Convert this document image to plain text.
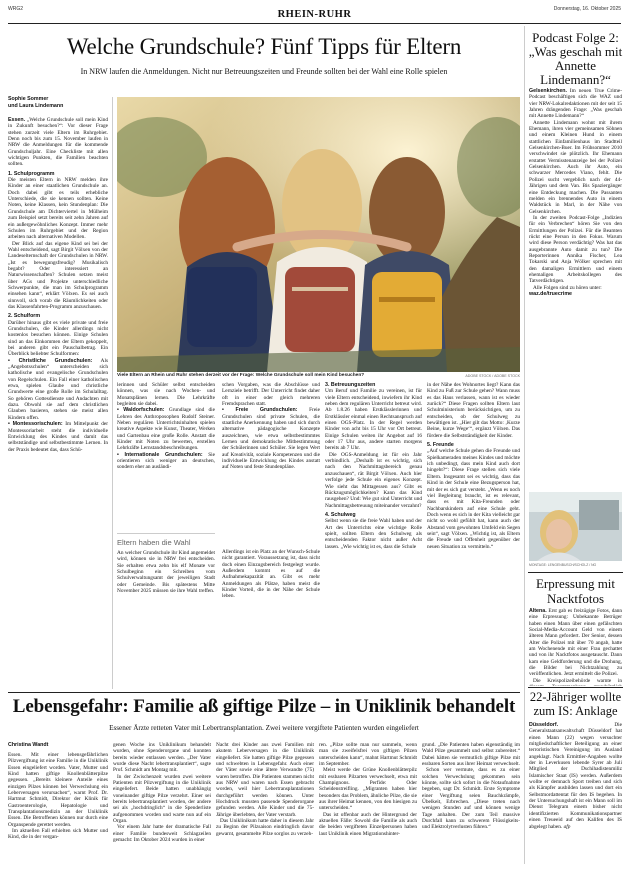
WRG2	RHEIN-RUHR	Donnerstag, 16. Oktober 2025
Welche Grundschule? Fünf Tipps für Eltern
In NRW laufen die Anmeldungen. Nicht nur Betreuungszeiten und Freunde sollten bei der Wahl eine Rolle spielen
Sophie Sommer
und Laura Lindemann

Essen. „Welche Grundschule soll mein Kind in Zukunft besuchen?“: Vor dieser Frage stehen zurzeit viele Eltern im Ruhrgebiet. Denn noch bis zum 15. November laufen in NRW die Anmeldungen für die kommende Grundschuljahr. Eine Checkliste mit allen wichtigen Punkten, die Familien beachten sollten.

1. Schulprogramm

Die meisten Eltern in NRW melden ihre Kinder an einer staatlichen Grundschule an. Doch dabei gibt es teils erhebliche Unterschiede, die sie kennen sollten. Keine Noten, keine Klassen, kein Stundenplan: Die Grundschule am Dichterviertel in Mülheim zum Beispiel setzt bereits seit zehn Jahren auf ein außergewöhnliches Konzept. Immer mehr Schulen im Ruhrgebiet und der Region arbeiten nach alternativen Modellen.

Der Blick auf das eigene Kind sei bei der Wahl entscheidend, sagt Birgit Völxen von der Landeselternschaft der Grundschulen in NRW. „Ist es bewegungsfreudig? Musikalisch begabt? Oder interessiert an Naturwissenschaften? Schulen setzen meist über AGs und Projekte unterschiedliche Schwerpunkte, die man im Schulprogramm einsehen kann“, erklärt Völxen. Es sei auch sinnvoll, sich vorab die Räumlichkeiten oder das Klassenfahrten-Programm anzuschauen.

2. Schulform

Darüber hinaus gibt es viele private und freie Grundschulen, die Kinder allerdings nicht kostenlos besuchen können. Einige Schulen sind an das Einkommen der Eltern gekoppelt, bei anderen gibt ein Pauschalbetrag. Ein Überblick beliebter Schulformen:

• Christliche Grundschulen: Als „Angebotsschulen“ unterscheiden sich katholische und evangelische Grundschulen von Regelschulen. Ein Fall einer katholischen etwa, spielen Glaube und christliche Grundwerte eine große Rolle im Schulalltag. So gehören Gottesdienste und Andachten mit dazu. Obwohl sie auf dem christlichen Glauben basieren, stehen sie meist allen Kindern offen.

• Montessorischulen: Im Mittelpunkt der Montessoriarbeit steht die individuelle Entwicklung des Kindes und damit das selbstständige und selbstbestimmte Lernen. In der Praxis bedeutet das, dass Schü-

Viele Eltern an Rhein und Ruhr stehen derzeit vor der Frage: Welche Grundschule soll mein Kind besuchen?	ADOBE STOCK / ADOBE STOCK

lerinnen und Schüler selbst entscheiden können, was sie nach Wochen- und Monatsplänen lernen. Die Lehrkräfte begleiten sie dabei.

• Waldorfschulen: Grundlage sind die Lehren des Anthroposophen Rudolf Steiner. Neben regulären Unterrichtsinhalten spielen kreative Aspekte wie Kunst, Theater, Werken und Gartenbau eine große Rolle. Anstatt die Kinder mit Noten zu bewerten, erstellen Lehrkräfte Lernstandsbeschreibungen.

• Internationale Grundschulen: Sie orientieren sich weniger an deutschen, sondern eher an ausländi-

Eltern haben die Wahl

An welcher Grundschule ihr Kind angemeldet wird, können sie in NRW frei entscheiden. Sie erhalten etwa zehn bis elf Monate vor Schulbeginn ein Schreiben vom Schulverwaltungsamt der jeweiligen Stadt oder Gemeinde. Bis spätestens Mitte November 2025 müssen sie ihre Wahl treffen.

schen Vorgaben, was die Abschlüsse und Lernziele betrifft. Der Unterricht findet daher oft in einer oder gleich mehreren Fremdsprachen statt.

• Freie Grundschulen: Freie Grundschulen sind private Schulen, die staatliche Anerkennung haben und sich durch alternative pädagogische Konzepte auszeichnen, wie etwa selbstbestimmtes Lernen und demokratische Mitbestimmung der Schülerinnen und Schüler. Sie legen Wert auf Kreativität, soziale Kompetenzen und die individuelle Entwicklung des Kindes anstatt auf Noten und feste Stundenpläne.

Allerdings ist ein Platz an der Wunsch-Schule nicht garantiert. Voraussetzung ist, dass nicht doch einen Einzugsbereich festgelegt wurde. Außerdem kommt es auf die Aufnahmekapazität an. Gibt es mehr Anmeldungen als Plätze, haben meist die Kinder Vorteil, die in der Nähe der Schule leben.

3. Betreuungszeiten

Um Beruf und Familie zu vereinen, ist für viele Eltern entscheidend, inwiefern ihr Kind neben dem regulären Unterricht betreut wird. Ab 1.8.26 haben Erstklässlerinnen und Erstklässler einmal einen Rechtsanspruch auf einen OGS-Platz. In der Regel werden Kinder von acht bis 15 Uhr vor Ort betreut. Einige Schulen weiten ihr Angebot auf 16 oder 17 Uhr aus, andere starten morgens bereits ab 7 Uhr.

Die OGS-Anmeldung ist für ein Jahr verbindlich. „Deshalb ist es wichtig, sich nach den Nachmittagsbereich genau anzuschauen“, rät Birgit Völxen. Auch hier verfolge jede Schule ein eigenes Konzept. Wie sieht das Mittagessen aus? Gibt es Rückzugsmöglichkeiten? Kann das Kind rausgehen? Und: Wie gut sind Unterricht und Nachmittagsbetreuung miteinander verzahnt?

4. Schulweg

Selbst wenn sie die freie Wahl haben und der Art des Unterrichts eine wichtige Rolle spielt, sollten Eltern den Schulweg als entscheidenden Faktor nicht außer Acht lassen. „Wie wichtig ist es, dass die Schule

in der Nähe des Wohnortes liegt? Kann das Kind zu Fuß zur Schule gehen? Wann muss es das Haus verlassen, wann ist es wieder zurück?“ Diese Fragen sollten Eltern laut Schulministerium berücksichtigen, um zu entscheiden, ob der Schulweg zu bewältigen ist. „Hier gilt das Motto: ‚Kurze Beine, kurze Wege‘“, ergänzt Völxen. Das fördere die Selbstständigkeit der Kinder.

5. Freunde

„Auf welche Schule gehen die Freunde und Spielkameraden meines Kindes und möchte ich unbedingt, dass mein Kind auch dort hingeht?“: Diese Frage stellen sich viele Eltern. Insgesamt sei es wichtig, dass das Kind in der Schule eine Bezugsperson hat, mit der es sich gut versteht. „Wenn es noch viel Begleitung braucht, ist es relevant, dass es mit Kita-Freunden oder Nachbarskindern auf eine Schule geht. Doch wenn es sich in der Kita vielleicht gar nicht so wohl gefühlt hat, kann auch der Abstand vom gewohnten Umfeld ein Segen sein“, sagt Völxen. „Wichtig ist, als Eltern die Freude und Offenheit gegenüber der neuen Situation zu vermitteln.“

Podcast Folge 2: „Was geschah mit Annette Lindemann?“

Gelsenkirchen. Im neuen True Crime-Podcast beschäftigen sich die WAZ und vier NRW-Lokalredaktionen mit der seit 15 Jahren drängenden Frage: „Was geschah mit Annette Lindemann?“

Annette Lindemann wohnt mit ihrem Ehemann, ihren vier gemeinsamen Söhnen und einem Kleinen Hund in einem stattlichen Einfamilienhaus im Stadtteil Gelsenkirchen-Buer. Im Frühsommer 2010 verschwindet sie plötzlich. Ihr Ehemann erstattet Vermisstenanzeige bei der Polizei Gelsenkirchen. Auch ihr Auto, ein schwarzer Mercedes Viano, fehlt. Die Polizei sucht vergeblich nach der 44-Jährigen und dem Van. Bis Spaziergänger eine Entdeckung machen. Die Passanten melden ein brennendes Auto in einem Waldstück in Marl, in der Nähe von Gelsenkirchen.

In der zweiten Podcast-Folge „Indizien für ein Verbrechen“ hören Sie von den Ermittlungen der Polizei. Für die Beamten rückt eine Person in den Fokus. Warum wird diese Person verdächtig? Was hat das ausgebrannte Auto damit zu tun? Die Reporterinnen Annika Fischer, Lea Tokarski und Anja Wölker sprechen mit den damaligen Ermittlern und einem ehemaligen Arbeitskollegen des Tatverdächtigen.

Alle Folgen sind zu hören unter:

waz.de/truecrime

MONTAGE: LENGENBUSCH/SCHOLZ / NG
Erpressung mit Nacktfotos

Altena. Erst gab es freizügige Fotos, dann eine Erpressung: Unbekannte Betrüger haben einen Mann über einen gefälschten Social-Media-Account Geld von einem älteren Mann gefordert. Der Senior, dessen Alter die Polizei mit über 70 angab, hatte am Wochenende mit einer Frau gechattet und von ihr Nacktfotos ausgetauscht. Dann kam eine Geldforderung und die Drohung, die Bilder bei Nichtzahlung zu veröffentlichen. Jetzt ermittelt die Polizei.

Die Kreispolizeibehörde warnte in

22-Jähriger wollte zum IS: Anklage

Düsseldorf.	Die Generalstaatsanwaltschaft Düsseldorf hat einen Mann (22) wegen versuchter mitgliedschaftlicher Beteiligung an einer terroristischen Vereinigung im Ausland angeklagt. Nach Ermittler-Angaben wollte der in Leverkusen lebende Syrer ab Juli Mitglied der Dschihadistenmiliz Islamischer Staat (IS) werden. Außerdem wollte er demnach Sport treiben und sich als Kämpfer ausbilden lassen und dort ein Selbstmordattentat für den IS begehen. In der Untersuchungshaft ist ein Mann soll im Dienst Telegram einem bisher nicht identifizierten Kommunikationspartner einen Treueeid auf den Kalifen des IS abgelegt haben. afp

Lebensgefahr: Familie aß giftige Pilze – in Uniklinik behandelt
Essener Ärzte retteten Vater mit Lebertransplantation. Zwei weitere vergiftete Patienten wurden eingeliefert
Christina Wandt

Essen. Mit einer lebensgefährlichen Pilzvergiftung ist eine Familie in die Uniklinik Essen eingeliefert worden. Vater, Mutter und Kind hatten giftige Knollenblätterpilze gegessen. „Bereits kleinere Anteile eines einzigen Pilzes können bei Verwechslung ein Leberversagen verursachen“, warnt Prof. Dr. Hartmut Schmidt, Direktor der Klinik für Gastroenterologie, Hepatologie und Transplantationsmedizin an der Uniklinik Essen. Die Betroffenen können nur durch eine Organspende gerettet werden.

Im aktuellen Fall erhielten sich Mutter und Kind, die in der vergan-

genen Woche ins Uniklinikum behandelt wurden, ohne Spenderorgane und konnten bereits wieder entlassen werden. „Der Vater wurde diese Nacht lebertransplantiert“, sagte Prof. Schmidt am Montag mit.

In der Zwischenzeit wurden zwei weitere Patienten mit Pilzvergiftung in die Uniklinik eingeliefert. Beide hatten unabhängig voneinander giftige Pilze verzehrt. Einer sei bereits lebertransplantiert worden, der andere sei als „hochdringlich“ in die Spenderliste aufgenommen worden und warte nun auf ein Organ.

Vor einem Jahr hatte der dramatische Fall einer Familie bundesweit Schlagzeilen gemacht: Im Oktober 2024 wurden in einer

Nacht drei Kinder aus zwei Familien mit akutem Leberversagen in die Uniklinik eingeliefert. Sie hatten giftige Pilze gegessen und schwebten in Lebensgefahr. Auch einer der Väter sowie eine ältere Verwandte (75) waren betroffen. Die Patienten stammen nicht aus NRW und waren nach Essen gebracht worden, weil hier Lebertransplantationen durchgeführt werden können. Unter Hochdruck mussten passende Spenderorgane gefunden werden. Alle Kinder und die 75-Jährige überlebten, der Vater verstarb.

Das Uniklinikum hatte daher in diesem Jahr zu Beginn der Pilzsaison eindringlich davor gewarnt, gesammelte Pilze sorglos zu verzeh-

ren. „Pilze sollte man nur sammeln, wenn man sie zweifelsfrei von giftigen Pilzen unterscheiden kann“, mahnt Hartmut Schmidt im September.

Meist werde der Grüne Knollenblätterpilz mit essbaren Pilzarten verwechselt, etwa mit Champignons. Perfide: Oder Scheidenstreifling. „Migranten haben hier besonders das Problem, ähnliche Pilze, die sie aus ihrer Heimat kennen, von den hiesigen zu unterscheiden.“

Das ist offenbar auch der Hintergrund der aktuellen Fälle: Sowohl die Familie als auch die beiden vergifteten Einzelpersonen haben laut Uniklinik einen Migrationshinter-

grund. „Die Patienten haben eigenständig im Wald Pilze gesammelt und selbst zubereitet.“ Dabei hätten sie vermutlich giftige Pilze mit essbaren Sorten aus ihrer Heimat verwechselt.

Schon wer vermute, dass es zu einer solchen Verwechslung gekommen sein könnte, sollte sich sofort in die Notaufnahme begeben, sagt Dr. Schmidt. Erste Symptome einer Vergiftung seien Bauchkrämpfe, Übelkeit, Erbrechen. „Diese treten nach wenigen Stunden auf und können wenige Tage anhalten. Der zum Teil massive Durchfall kann zu schwerem Flüssigkeits- und Elektrolytverlusten führen.“
